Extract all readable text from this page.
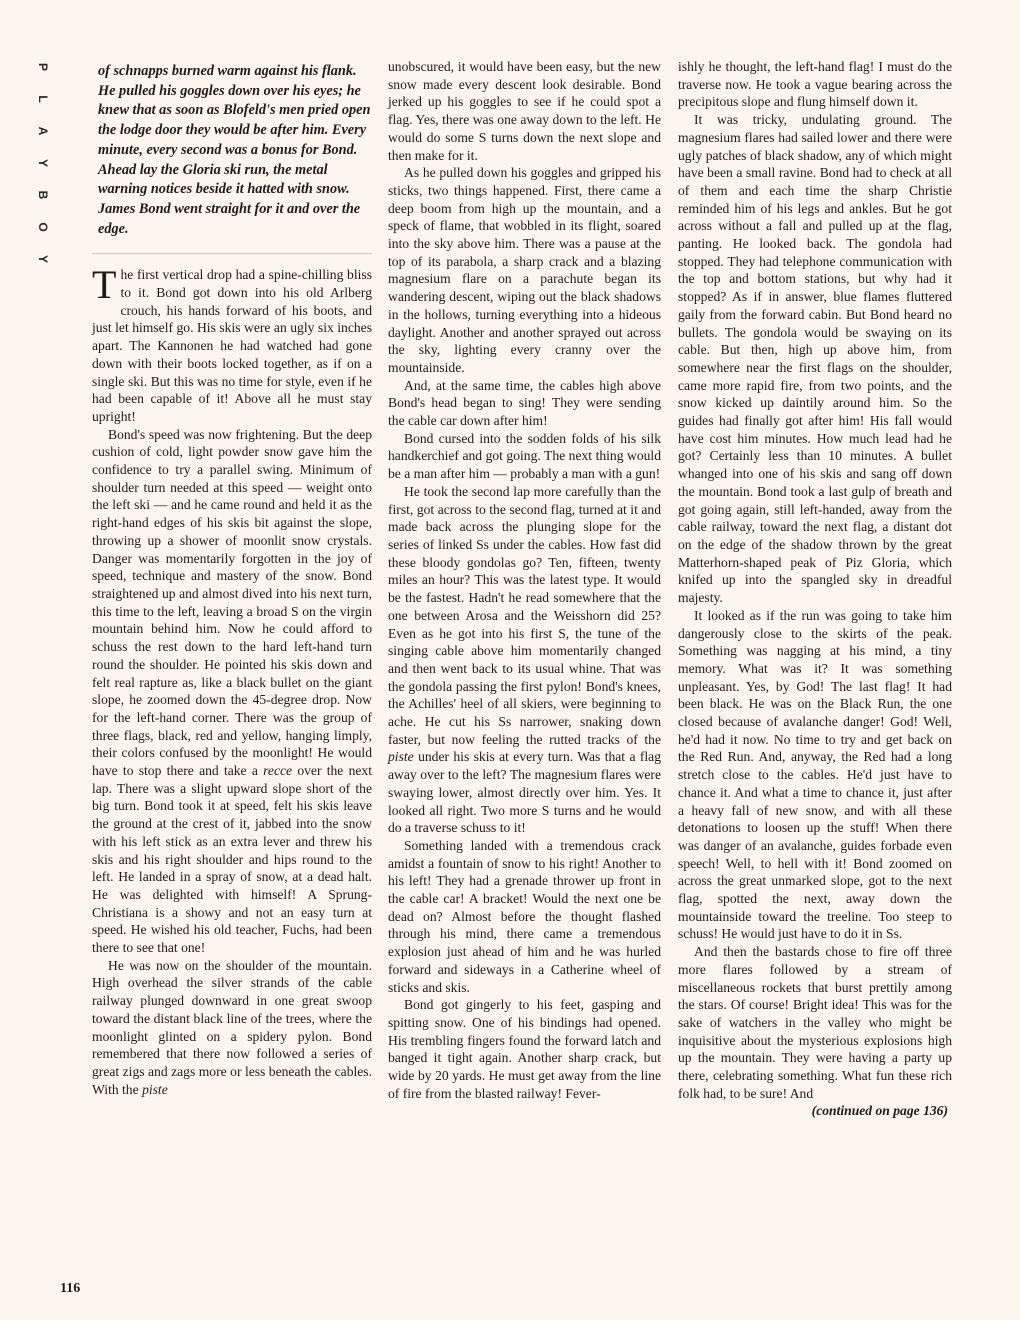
P
L
A
Y
B
O
Y
of schnapps burned warm against his flank. He pulled his goggles down over his eyes; he knew that as soon as Blofeld's men pried open the lodge door they would be after him. Every minute, every second was a bonus for Bond. Ahead lay the Gloria ski run, the metal warning notices beside it hatted with snow. James Bond went straight for it and over the edge.

The first vertical drop had a spine-chilling bliss to it. Bond got down into his old Arlberg crouch, his hands forward of his boots, and just let himself go. His skis were an ugly six inches apart. The Kannonen he had watched had gone down with their boots locked together, as if on a single ski. But this was no time for style, even if he had been capable of it! Above all he must stay upright!

Bond's speed was now frightening. But the deep cushion of cold, light powder snow gave him the confidence to try a parallel swing. Minimum of shoulder turn needed at this speed — weight onto the left ski — and he came round and held it as the right-hand edges of his skis bit against the slope, throwing up a shower of moonlit snow crystals. Danger was momentarily forgotten in the joy of speed, technique and mastery of the snow. Bond straightened up and almost dived into his next turn, this time to the left, leaving a broad S on the virgin mountain behind him. Now he could afford to schuss the rest down to the hard left-hand turn round the shoulder. He pointed his skis down and felt real rapture as, like a black bullet on the giant slope, he zoomed down the 45-degree drop. Now for the left-hand corner. There was the group of three flags, black, red and yellow, hanging limply, their colors confused by the moonlight! He would have to stop there and take a recce over the next lap. There was a slight upward slope short of the big turn. Bond took it at speed, felt his skis leave the ground at the crest of it, jabbed into the snow with his left stick as an extra lever and threw his skis and his right shoulder and hips round to the left. He landed in a spray of snow, at a dead halt. He was delighted with himself! A Sprung-Christiana is a showy and not an easy turn at speed. He wished his old teacher, Fuchs, had been there to see that one!

He was now on the shoulder of the mountain. High overhead the silver strands of the cable railway plunged downward in one great swoop toward the distant black line of the trees, where the moonlight glinted on a spidery pylon. Bond remembered that there now followed a series of great zigs and zags more or less beneath the cables. With the piste

unobscured, it would have been easy, but the new snow made every descent look desirable. Bond jerked up his goggles to see if he could spot a flag. Yes, there was one away down to the left. He would do some S turns down the next slope and then make for it.

As he pulled down his goggles and gripped his sticks, two things happened. First, there came a deep boom from high up the mountain, and a speck of flame, that wobbled in its flight, soared into the sky above him. There was a pause at the top of its parabola, a sharp crack and a blazing magnesium flare on a parachute began its wandering descent, wiping out the black shadows in the hollows, turning everything into a hideous daylight. Another and another sprayed out across the sky, lighting every cranny over the mountainside.

And, at the same time, the cables high above Bond's head began to sing! They were sending the cable car down after him!

Bond cursed into the sodden folds of his silk handkerchief and got going. The next thing would be a man after him — probably a man with a gun!

He took the second lap more carefully than the first, got across to the second flag, turned at it and made back across the plunging slope for the series of linked Ss under the cables. How fast did these bloody gondolas go? Ten, fifteen, twenty miles an hour? This was the latest type. It would be the fastest. Hadn't he read somewhere that the one between Arosa and the Weisshorn did 25? Even as he got into his first S, the tune of the singing cable above him momentarily changed and then went back to its usual whine. That was the gondola passing the first pylon! Bond's knees, the Achilles' heel of all skiers, were beginning to ache. He cut his Ss narrower, snaking down faster, but now feeling the rutted tracks of the piste under his skis at every turn. Was that a flag away over to the left? The magnesium flares were swaying lower, almost directly over him. Yes. It looked all right. Two more S turns and he would do a traverse schuss to it!

Something landed with a tremendous crack amidst a fountain of snow to his right! Another to his left! They had a grenade thrower up front in the cable car! A bracket! Would the next one be dead on? Almost before the thought flashed through his mind, there came a tremendous explosion just ahead of him and he was hurled forward and sideways in a Catherine wheel of sticks and skis.

Bond got gingerly to his feet, gasping and spitting snow. One of his bindings had opened. His trembling fingers found the forward latch and banged it tight again. Another sharp crack, but wide by 20 yards. He must get away from the line of fire from the blasted railway! Fever-

ishly he thought, the left-hand flag! I must do the traverse now. He took a vague bearing across the precipitous slope and flung himself down it.

It was tricky, undulating ground. The magnesium flares had sailed lower and there were ugly patches of black shadow, any of which might have been a small ravine. Bond had to check at all of them and each time the sharp Christie reminded him of his legs and ankles. But he got across without a fall and pulled up at the flag, panting. He looked back. The gondola had stopped. They had telephone communication with the top and bottom stations, but why had it stopped? As if in answer, blue flames fluttered gaily from the forward cabin. But Bond heard no bullets. The gondola would be swaying on its cable. But then, high up above him, from somewhere near the first flags on the shoulder, came more rapid fire, from two points, and the snow kicked up daintily around him. So the guides had finally got after him! His fall would have cost him minutes. How much lead had he got? Certainly less than 10 minutes. A bullet whanged into one of his skis and sang off down the mountain. Bond took a last gulp of breath and got going again, still left-handed, away from the cable railway, toward the next flag, a distant dot on the edge of the shadow thrown by the great Matterhorn-shaped peak of Piz Gloria, which knifed up into the spangled sky in dreadful majesty.

It looked as if the run was going to take him dangerously close to the skirts of the peak. Something was nagging at his mind, a tiny memory. What was it? It was something unpleasant. Yes, by God! The last flag! It had been black. He was on the Black Run, the one closed because of avalanche danger! God! Well, he'd had it now. No time to try and get back on the Red Run. And, anyway, the Red had a long stretch close to the cables. He'd just have to chance it. And what a time to chance it, just after a heavy fall of new snow, and with all these detonations to loosen up the stuff! When there was danger of an avalanche, guides forbade even speech! Well, to hell with it! Bond zoomed on across the great unmarked slope, got to the next flag, spotted the next, away down the mountainside toward the treeline. Too steep to schuss! He would just have to do it in Ss.

And then the bastards chose to fire off three more flares followed by a stream of miscellaneous rockets that burst prettily among the stars. Of course! Bright idea! This was for the sake of watchers in the valley who might be inquisitive about the mysterious explosions high up the mountain. They were having a party up there, celebrating something. What fun these rich folk had, to be sure! And

(continued on page 136)
116
